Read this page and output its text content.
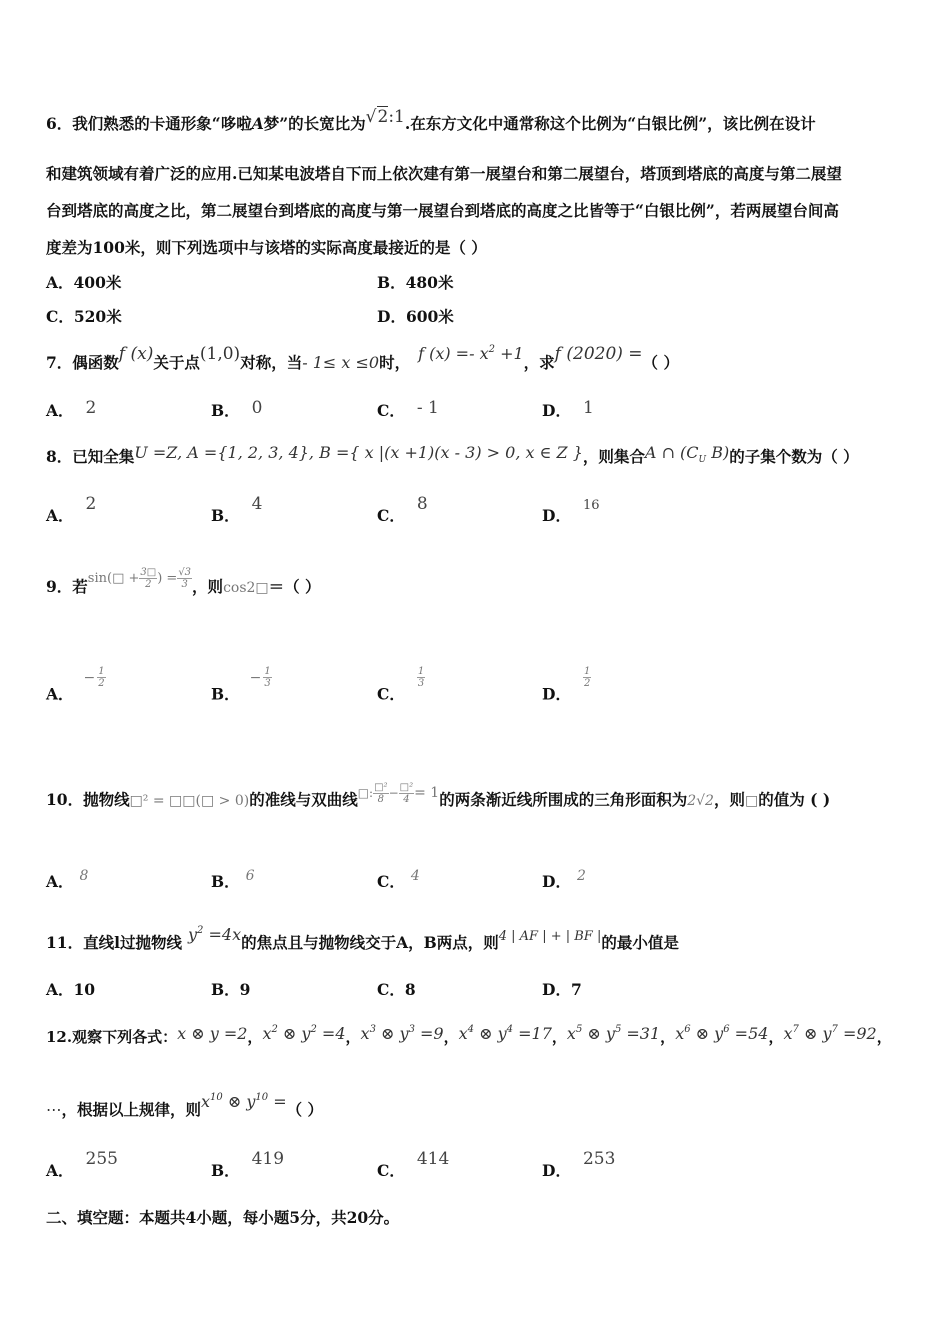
6．我们熟悉的卡通形象“哆啦A梦”的长宽比为√2:1.在东方文化中通常称这个比例为“白银比例”，该比例在设计
和建筑领域有着广泛的应用.已知某电波塔自下而上依次建有第一展望台和第二展望台，塔顶到塔底的高度与第二展望
台到塔底的高度之比，第二展望台到塔底的高度与第一展望台到塔底的高度之比皆等于“白银比例”，若两展望台间高
度差为100米，则下列选项中与该塔的实际高度最接近的是（ ）
A．400米	B．480米
C．520米	D．600米
7．偶函数f (x)关于点(1,0)对称，当- 1≤ x ≤0时， f $(x) =- x^2 +1$，求f (2020) =（ ）
A． 2	B． 0	C． - 1	D． 1
8．已知全集U =Z, A ={1, 2, 3, 4}, B ={ x |(x +1)(x - 3) > 0, x ∈ Z }，则集合A ∩ ($C_U$ B)的子集个数为（ ）
A．2
B．4
C．8
D．$^{16}$
9．若$^{sin(□ + \frac{3□}{2} ) = \frac{√3}{3}}$ ，则cos2□＝（ ）
A．− $\frac{1}{2}$
B．− $\frac{1}{3}$
C．
$\frac{1}{3}$
D．
$\frac{1}{2}$
10．抛物线□² = □□(□ > 0)的准线与双曲线$^{□: \frac{\text{□²}}{8} - \frac{\text{□²}}{4} = 1}$的两条渐近线所围成的三角形面积为2√2，则□的值为 ( )
A． 8	B． 6	C． 4	D． 2
11．直线l过抛物线 $y^2 =4x$的焦点且与抛物线交于A，B两点，则$^{4 | AF | + | BF |}$的最小值是
A．10	B．9	C．8	D．7
12.观察下列各式：x ⊗ y =2，$x^2$ ⊗ $y^2 =4$，$x^3$ ⊗ $y^3 =9$，$x^4$ ⊗ $y^4 =17$，$x^5$ ⊗ $y^5 =31$，$x^6$ ⊗ $y^6 =54$，$x^7$ ⊗ $y^7 =92$，
⋯，根据以上规律，则$x^{10}$ ⊗ $y^{10}$ =（ ）
A．255
B．419
C．414
D．253
二、填空题：本题共4小题，每小题5分，共20分。
